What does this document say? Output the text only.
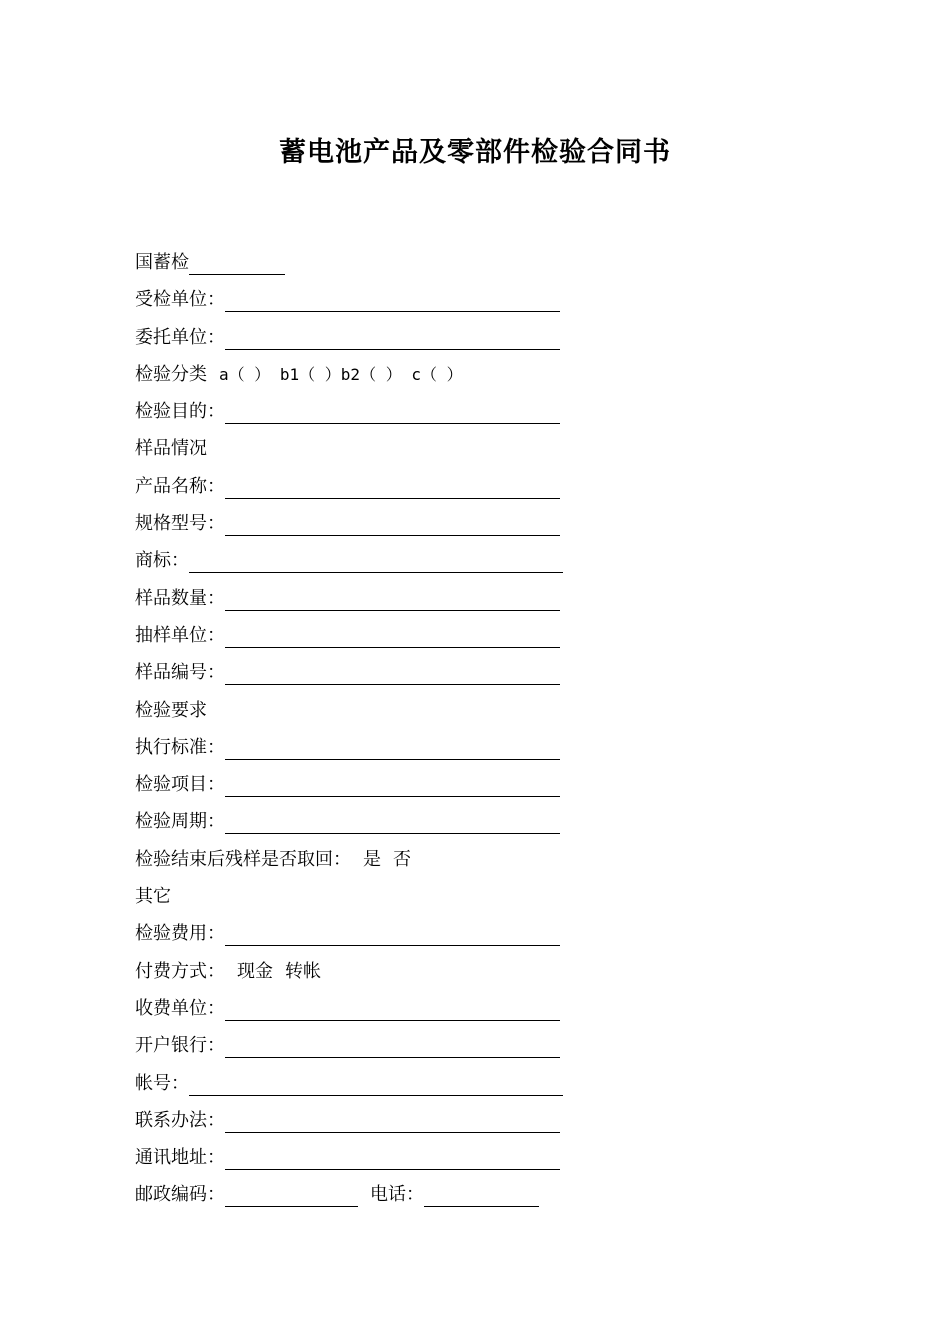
蓄电池产品及零部件检验合同书
国蓄检
受检单位：
委托单位：
检验分类 a（ ） b1（ ）b2（ ） c（ ）
检验目的：
样品情况
产品名称：
规格型号：
商标：
样品数量：
抽样单位：
样品编号：
检验要求
执行标准：
检验项目：
检验周期：
检验结束后残样是否取回： 是 否
其它
检验费用：
付费方式： 现金 转帐
收费单位：
开户银行：
帐号：
联系办法：
通讯地址：
邮政编码：	电话：
